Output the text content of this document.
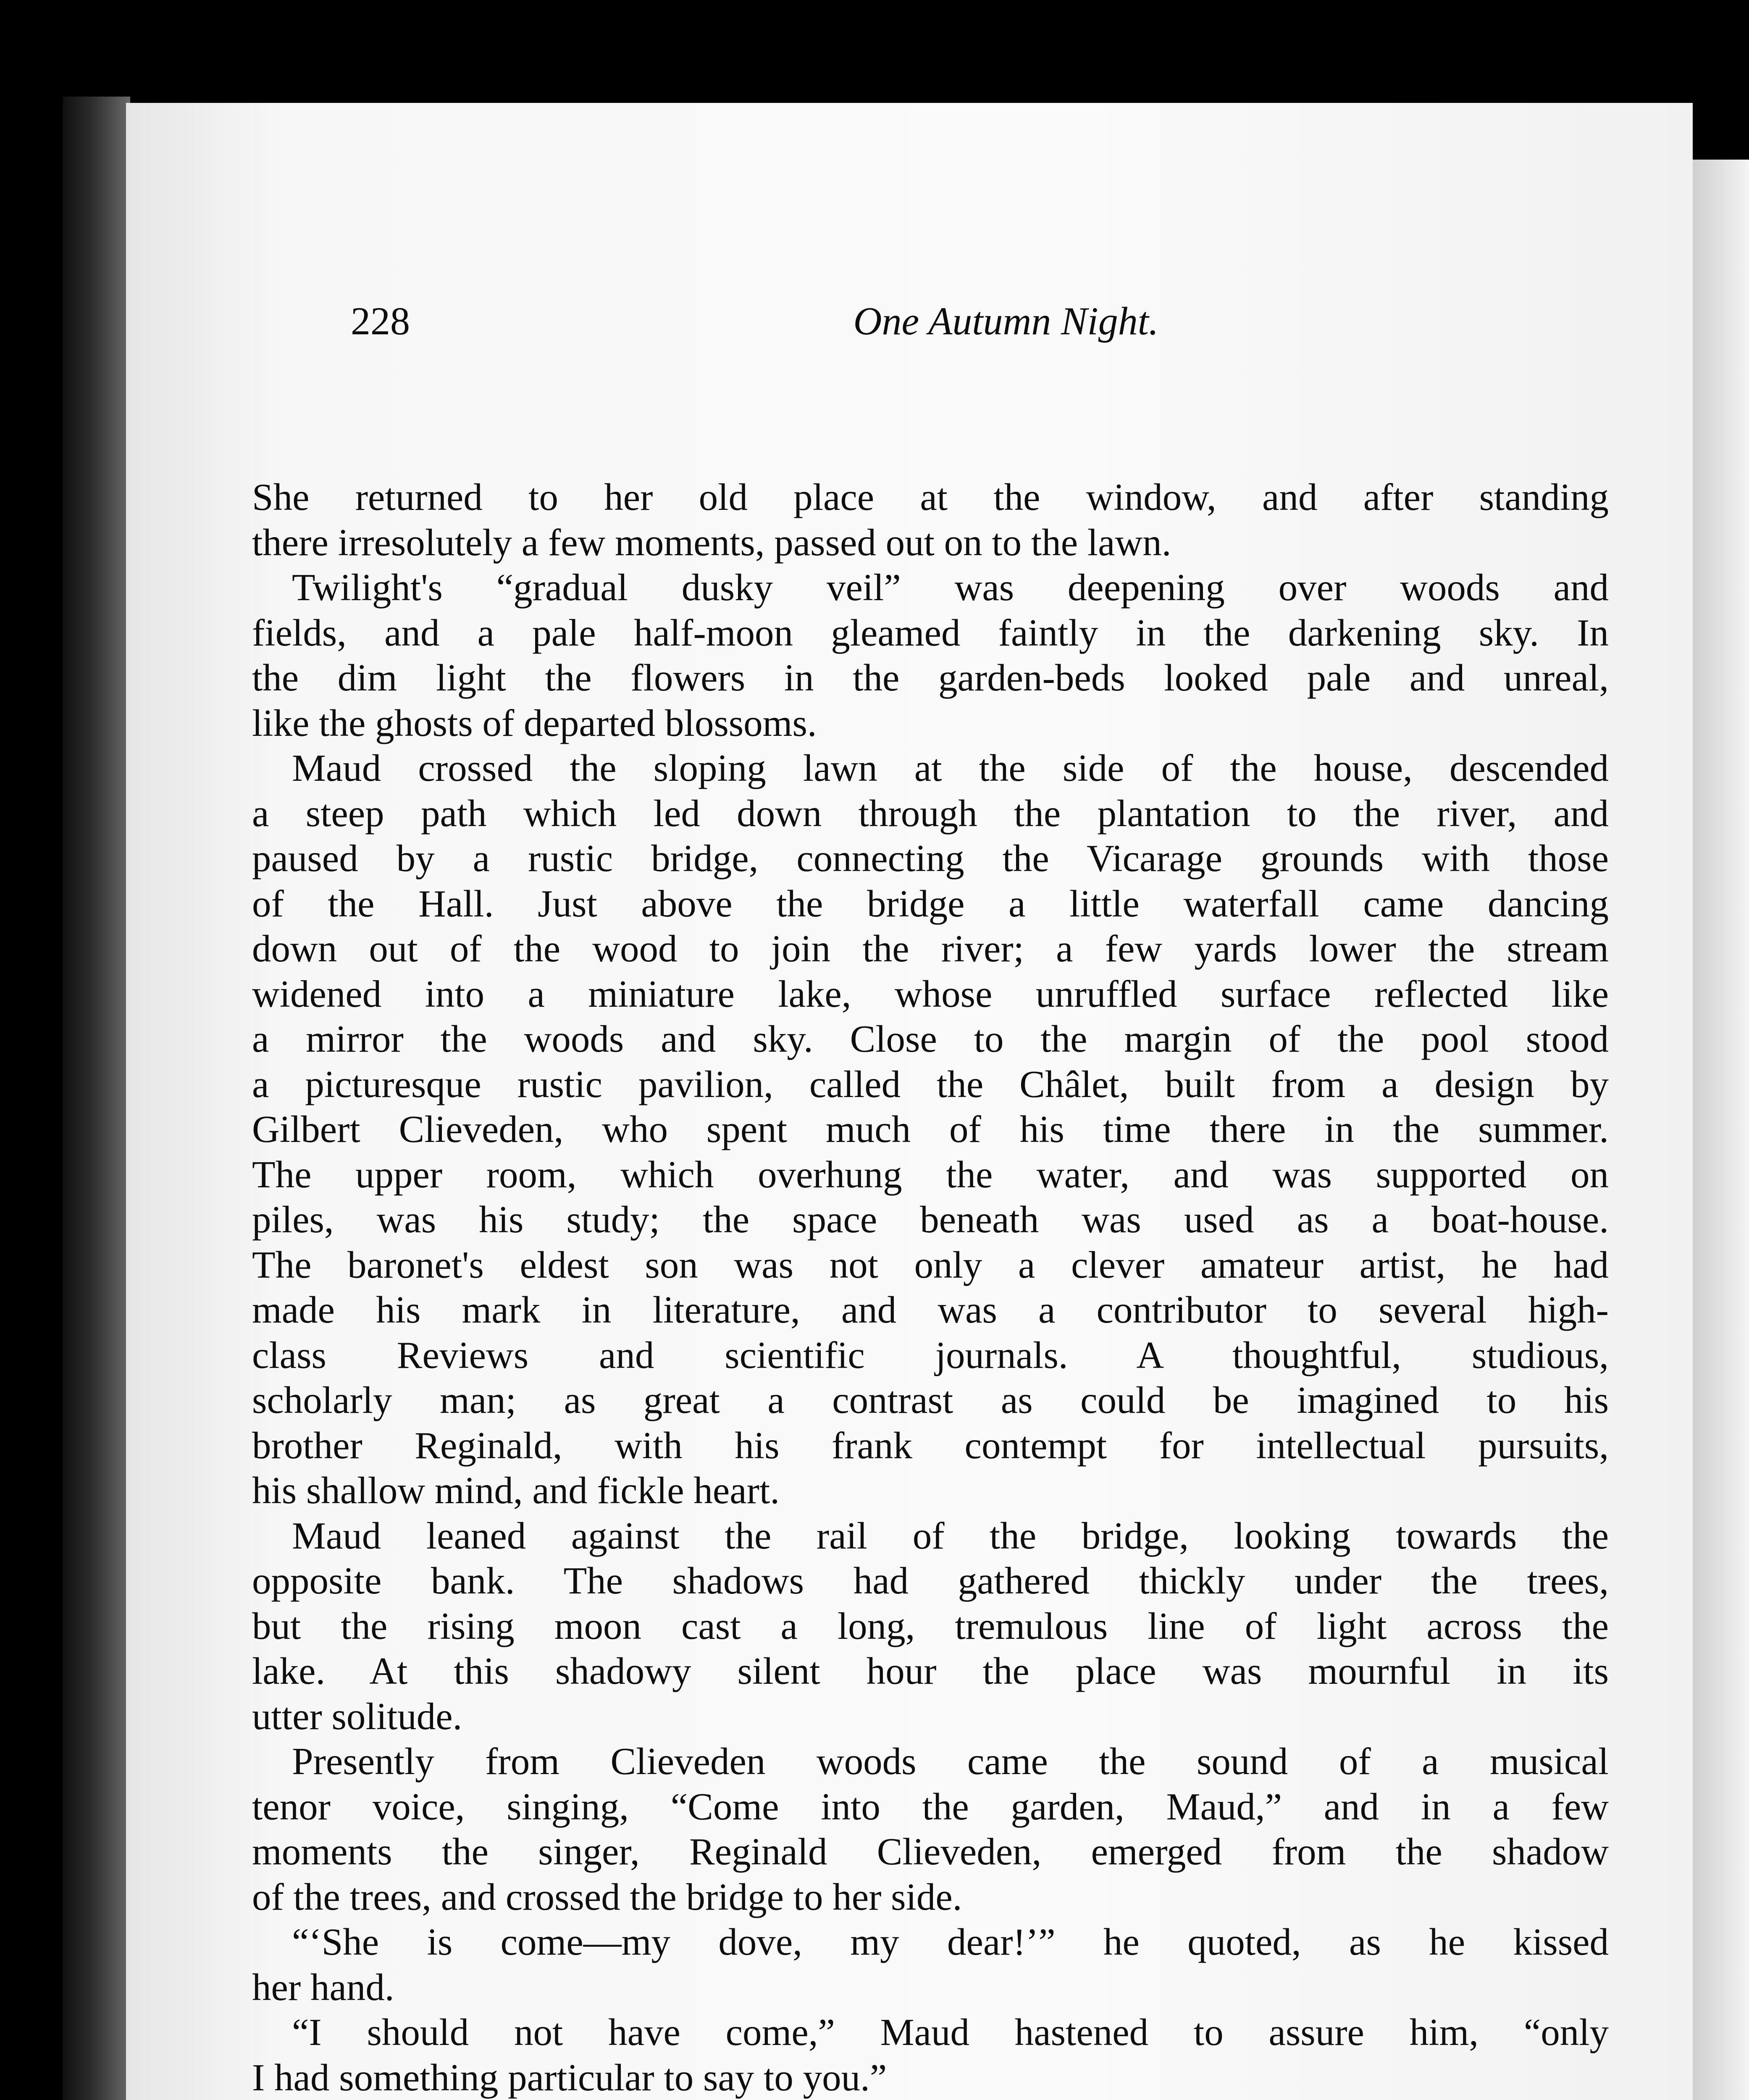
228	One Autumn Night.
She returned to her old place at the window, and after standing
there irresolutely a few moments, passed out on to the lawn.
Twilight's “gradual dusky veil” was deepening over woods and
fields, and a pale half-moon gleamed faintly in the darkening sky. In
the dim light the flowers in the garden-beds looked pale and unreal,
like the ghosts of departed blossoms.
Maud crossed the sloping lawn at the side of the house, descended
a steep path which led down through the plantation to the river, and
paused by a rustic bridge, connecting the Vicarage grounds with those
of the Hall. Just above the bridge a little waterfall came dancing
down out of the wood to join the river; a few yards lower the stream
widened into a miniature lake, whose unruffled surface reflected like
a mirror the woods and sky. Close to the margin of the pool stood
a picturesque rustic pavilion, called the Châlet, built from a design by
Gilbert Clieveden, who spent much of his time there in the summer.
The upper room, which overhung the water, and was supported on
piles, was his study; the space beneath was used as a boat-house.
The baronet's eldest son was not only a clever amateur artist, he had
made his mark in literature, and was a contributor to several high-
class Reviews and scientific journals. A thoughtful, studious,
scholarly man; as great a contrast as could be imagined to his
brother Reginald, with his frank contempt for intellectual pursuits,
his shallow mind, and fickle heart.
Maud leaned against the rail of the bridge, looking towards the
opposite bank. The shadows had gathered thickly under the trees,
but the rising moon cast a long, tremulous line of light across the
lake. At this shadowy silent hour the place was mournful in its
utter solitude.
Presently from Clieveden woods came the sound of a musical
tenor voice, singing, “Come into the garden, Maud,” and in a few
moments the singer, Reginald Clieveden, emerged from the shadow
of the trees, and crossed the bridge to her side.
“‘She is come—my dove, my dear!’” he quoted, as he kissed
her hand.
“I should not have come,” Maud hastened to assure him, “only
I had something particular to say to you.”
